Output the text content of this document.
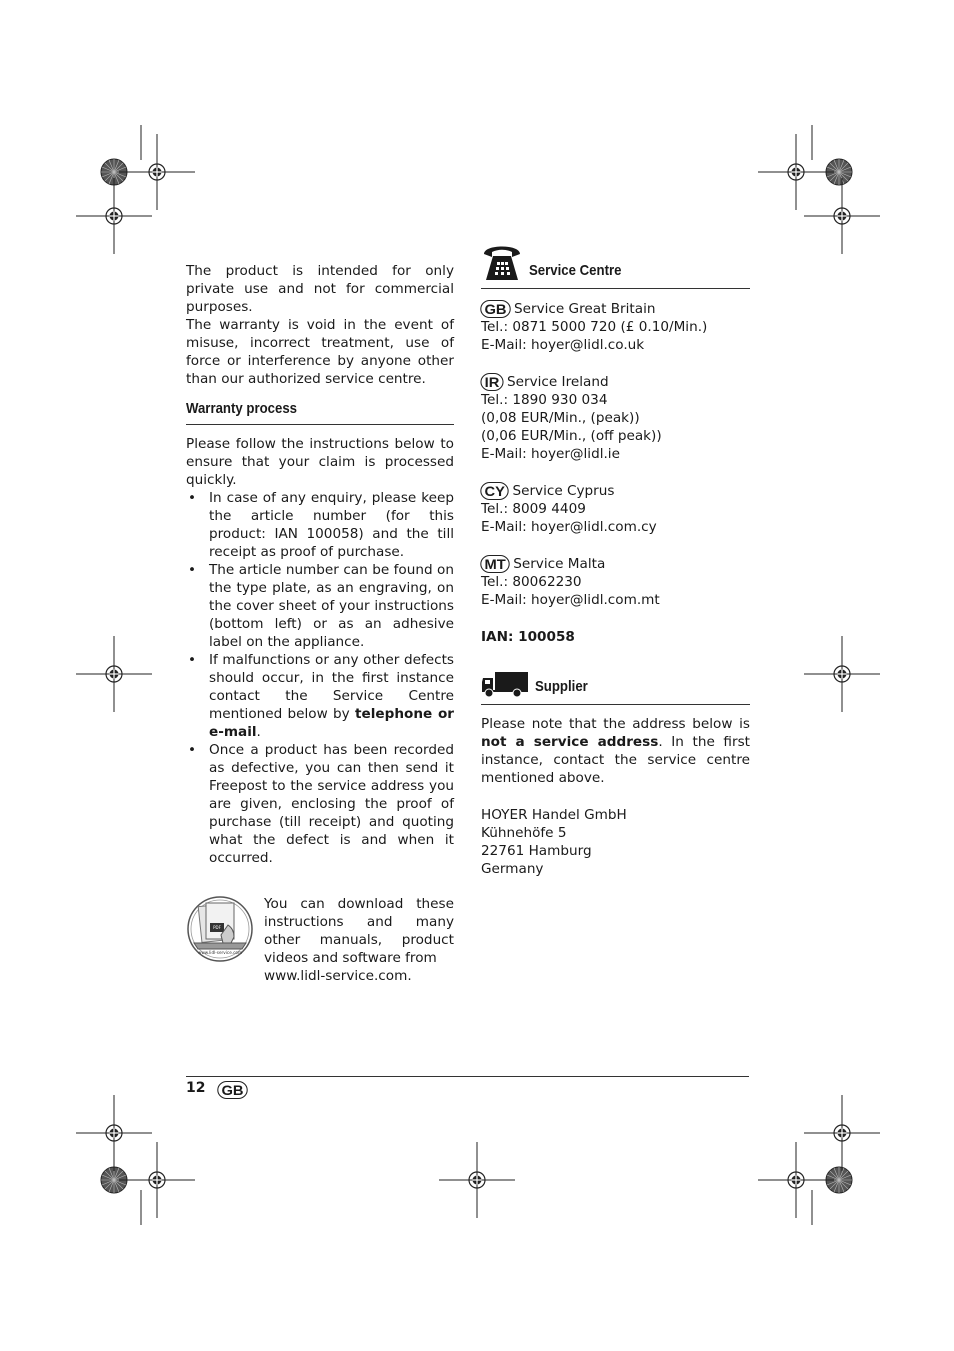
The product is intended for only private use and not for commercial purposes.

The warranty is void in the event of misuse, incorrect treatment, use of force or interference by anyone other than our authorized service centre.

Warranty process

Please follow the instructions below to ensure that your claim is processed quickly.

• In case of any enquiry, please keep the article number (for this product: IAN 100058) and the till receipt as proof of purchase.
• The article number can be found on the type plate, as an engraving, on the cover sheet of your instructions (bottom left) or as an adhesive label on the appliance.
• If malfunctions or any other defects should occur, in the first instance contact the Service Centre mentioned below by telephone or e-mail.
• Once a product has been recorded as defective, you can then send it Freepost to the service address you are given, enclosing the proof of purchase (till receipt) and quoting what the defect is and when it occurred.
PDF
www.lidl-service.com

You can download these instructions and many other manuals, product videos and software from

www.lidl-service.com.

Service Centre

GB Service Great Britain

Tel.: 0871 5000 720 (£ 0.10/Min.)

E-Mail: hoyer@lidl.co.uk

IR Service Ireland

Tel.: 1890 930 034

(0,08 EUR/Min., (peak))

(0,06 EUR/Min., (off peak))

E-Mail: hoyer@lidl.ie

CY Service Cyprus

Tel.: 8009 4409

E-Mail: hoyer@lidl.com.cy

MT Service Malta

Tel.: 80062230

E-Mail: hoyer@lidl.com.mt

IAN: 100058

Supplier

Please note that the address below is not a service address. In the first instance, contact the service centre mentioned above.

HOYER Handel GmbH

Kühnehöfe 5

22761 Hamburg

Germany

12	GB
